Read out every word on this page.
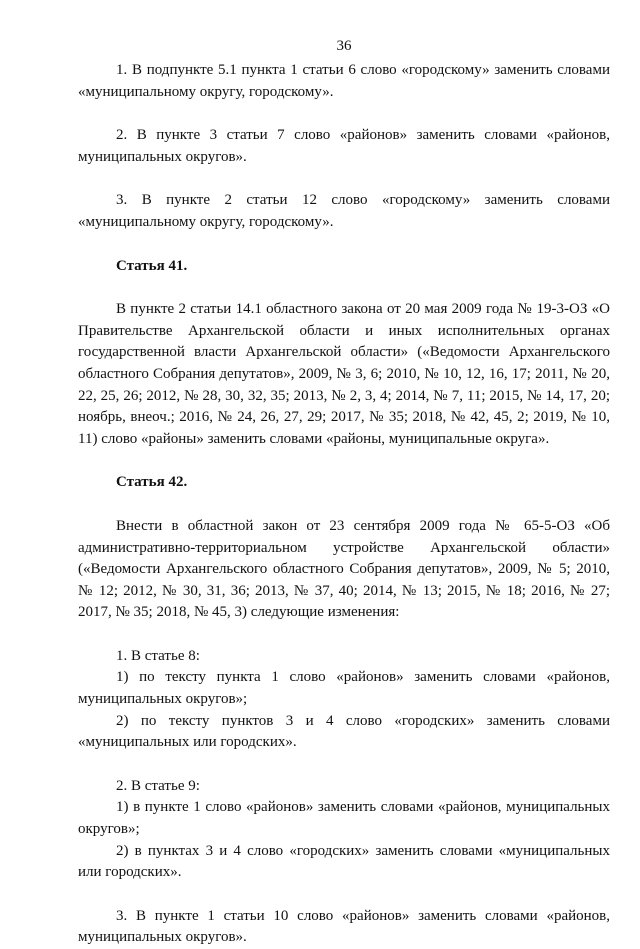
36

1. В подпункте 5.1 пункта 1 статьи 6 слово «городскому» заменить словами «муниципальному округу, городскому».

2. В пункте 3 статьи 7 слово «районов» заменить словами «районов, муниципальных округов».

3. В пункте 2 статьи 12 слово «городскому» заменить словами «муниципальному округу, городскому».

Статья 41.

В пункте 2 статьи 14.1 областного закона от 20 мая 2009 года № 19-3-ОЗ «О Правительстве Архангельской области и иных исполнительных органах государственной власти Архангельской области» («Ведомости Архангельского областного Собрания депутатов», 2009, № 3, 6; 2010, № 10, 12, 16, 17; 2011, № 20, 22, 25, 26; 2012, № 28, 30, 32, 35; 2013, № 2, 3, 4; 2014, № 7, 11; 2015, № 14, 17, 20; ноябрь, внеоч.; 2016, № 24, 26, 27, 29; 2017, № 35; 2018, № 42, 45, 2; 2019, № 10, 11) слово «районы» заменить словами «районы, муниципальные округа».

Статья 42.

Внести в областной закон от 23 сентября 2009 года № 65-5-ОЗ «Об административно-территориальном устройстве Архангельской области» («Ведомости Архангельского областного Собрания депутатов», 2009, № 5; 2010, № 12; 2012, № 30, 31, 36; 2013, № 37, 40; 2014, № 13; 2015, № 18; 2016, № 27; 2017, № 35; 2018, № 45, 3) следующие изменения:

1. В статье 8:

1) по тексту пункта 1 слово «районов» заменить словами «районов, муниципальных округов»;

2) по тексту пунктов 3 и 4 слово «городских» заменить словами «муниципальных или городских».

2. В статье 9:

1) в пункте 1 слово «районов» заменить словами «районов, муниципальных округов»;

2) в пунктах 3 и 4 слово «городских» заменить словами «муниципальных или городских».

3. В пункте 1 статьи 10 слово «районов» заменить словами «районов, муниципальных округов».
